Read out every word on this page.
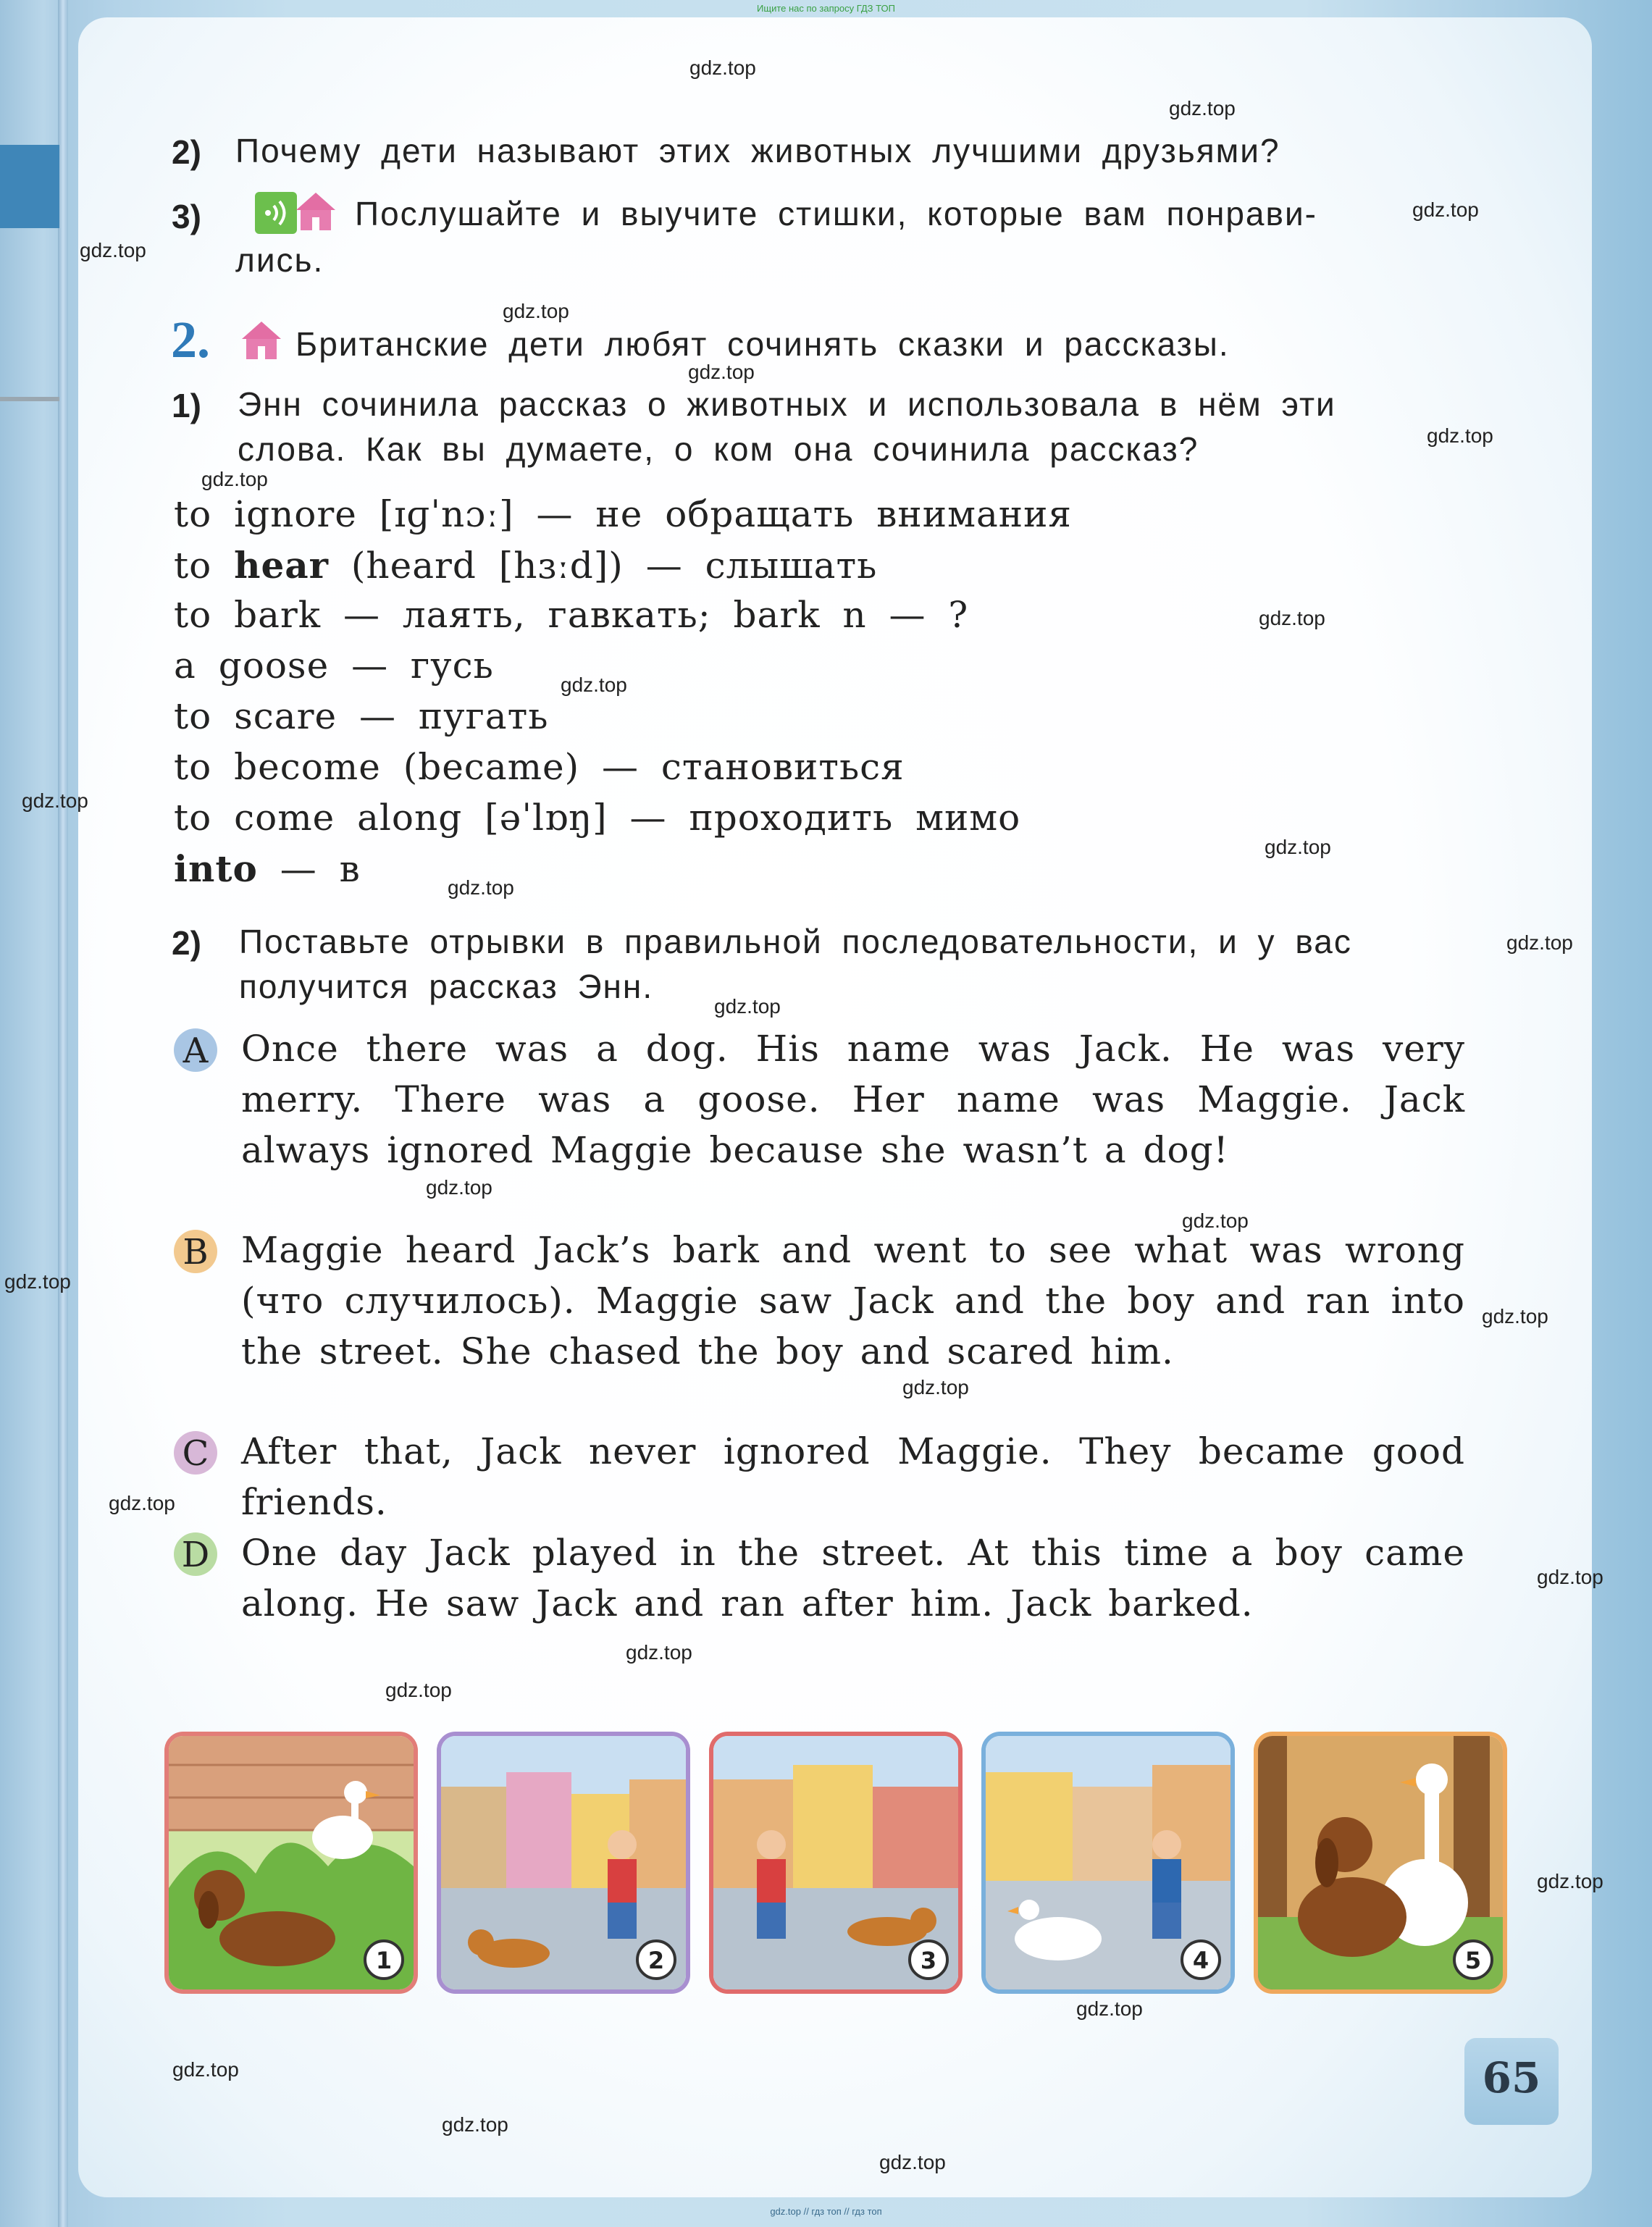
Ищите нас по запросу ГДЗ ТОП
2) Почему дети называют этих животных лучшими друзьями?
3)	Послушайте и выучите стишки, которые вам понрави-
лись.
2.	Британские дети любят сочинять сказки и рассказы.
1) Энн сочинила рассказ о животных и использовала в нём эти
слова. Как вы думаете, о ком она сочинила рассказ?
to ignore [ɪɡˈnɔː] — не обращать внимания
to hear (heard [hɜːd]) — слышать
to bark — лаять, гавкать; bark n — ?
a goose — гусь
to scare — пугать
to become (became) — становиться
to come along [əˈlɒŋ] — проходить мимо
into — в
2) Поставьте отрывки в правильной последовательности, и у вас
получится рассказ Энн.
A Once there was a dog. His name was Jack. He was very merry. There was a goose. Her name was Maggie. Jack always ignored Maggie because she wasn’t a dog!
B Maggie heard Jack’s bark and went to see what was wrong (что случилось). Maggie saw Jack and the boy and ran into the street. She chased the boy and scared him.
C After that, Jack never ignored Maggie. They became good friends.
D One day Jack played in the street. At this time a boy came along. He saw Jack and ran after him. Jack barked.
1	2	3	4	5
65
gdz.top
gdz.top
gdz.top
gdz.top
gdz.top
gdz.top
gdz.top
gdz.top
gdz.top
gdz.top
gdz.top
gdz.top
gdz.top
gdz.top
gdz.top
gdz.top
gdz.top
gdz.top
gdz.top
gdz.top
gdz.top
gdz.top
gdz.top
gdz.top
gdz.top
gdz.top
gdz.top
gdz.top
gdz.top
gdz.top // гдз топ // гдз топ
